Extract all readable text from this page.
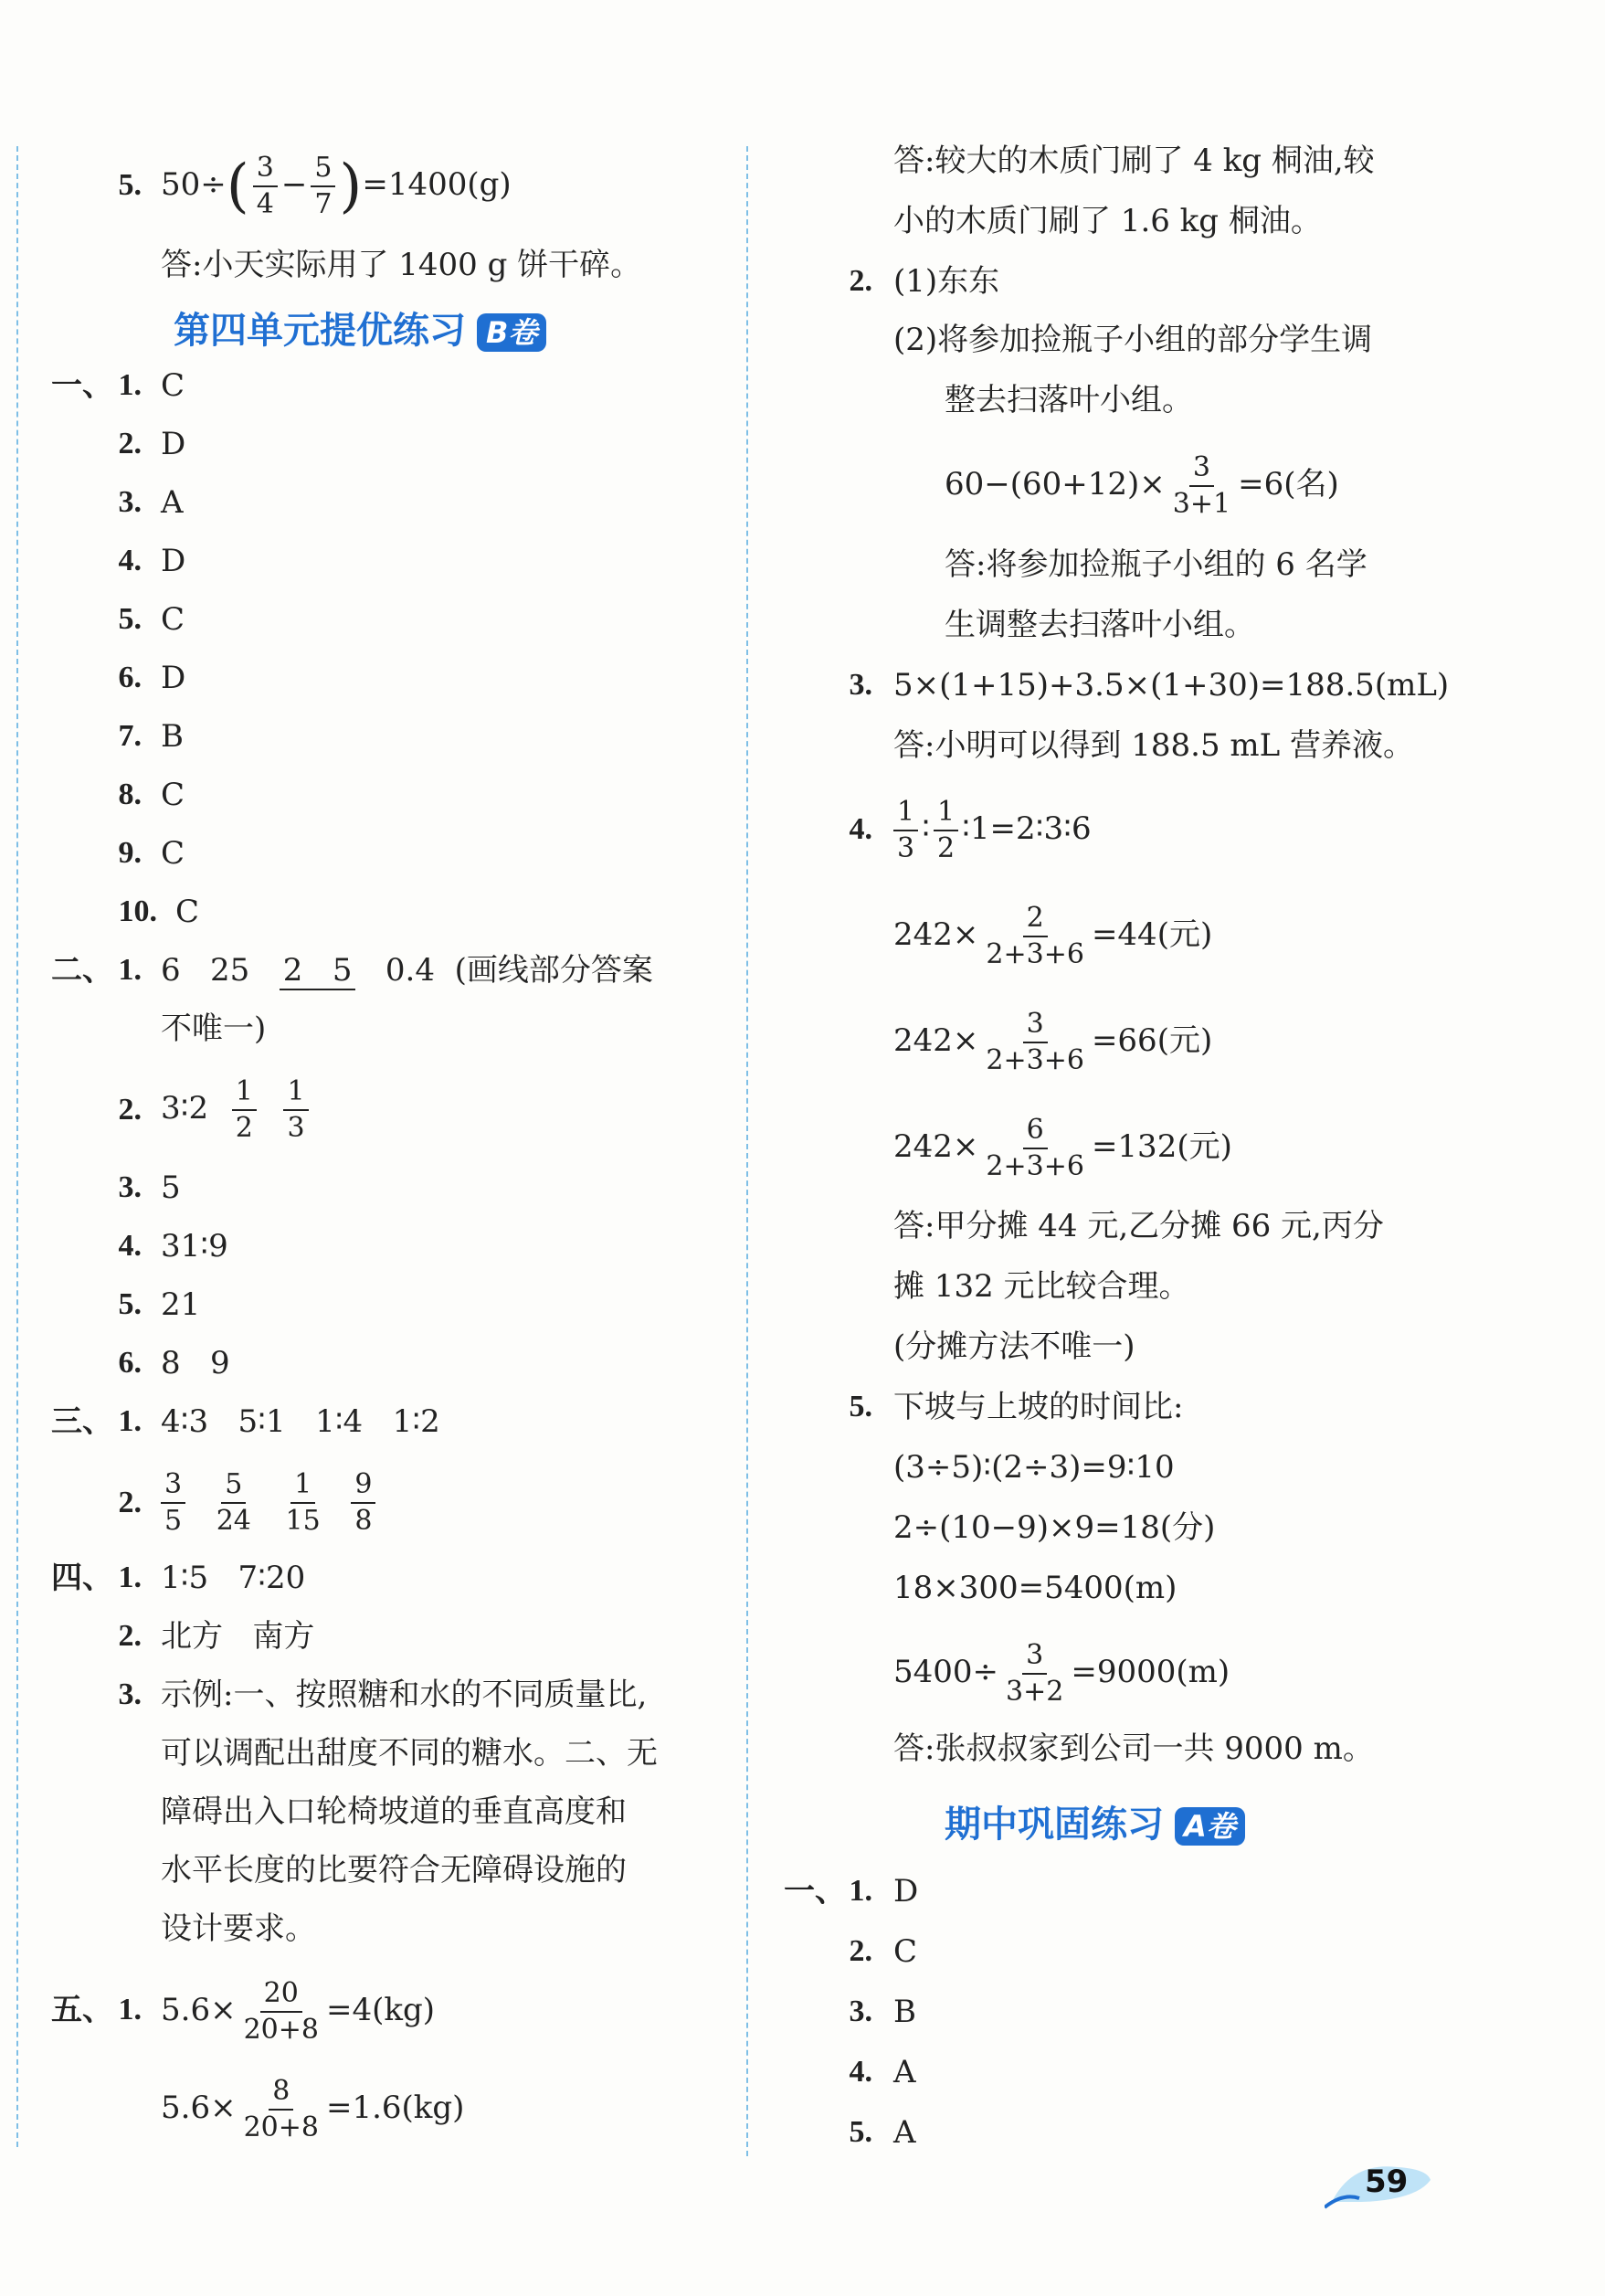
5. $50\div( \frac{3}{4} - \frac{5}{7} )=1400(g)$
答:小天实际用了 1400 g 饼干碎。
第四单元提优练习 B卷
一、 1. C
2. D
3. A
4. D
5. C
6. D
7. B
8. C
9. C
10. C
二、 1. 6   25 2   5 0.4  (画线部分答案
不唯一)
2. 3∶2 $\frac{1}{2}$
$\frac{1}{3}$
3. 5
4. 31∶9
5. 21
6. 8   9
三、 1. 4∶3   5∶1   1∶4   1∶2
2. $\frac{3}{5}$
$\frac{5}{24}$
$\frac{1}{15}$
$\frac{9}{8}$
四、 1. 1∶5   7∶20
2. 北方   南方
3. 示例:一、按照糖和水的不同质量比,
可以调配出甜度不同的糖水。二、无
障碍出入口轮椅坡道的垂直高度和
水平长度的比要符合无障碍设施的
设计要求。
五、 1. $5.6\times \frac{20}{20+8} =4(kg)$
$5.6\times \frac{8}{20+8} =1.6(kg)$
答:较大的木质门刷了 4 kg 桐油,较
小的木质门刷了 1.6 kg 桐油。
2. (1)东东
(2)将参加捡瓶子小组的部分学生调
整去扫落叶小组。
$60-(60+12)\times \frac{3}{3+1} =6$(名)
答:将参加捡瓶子小组的 6 名学
生调整去扫落叶小组。
3. 5×(1+15)+3.5×(1+30)=188.5(mL)
答:小明可以得到 188.5 mL 营养液。
4. $\frac{1}{3}$ ∶ $\frac{1}{2}$ ∶1=2∶3∶6
$242\times \frac{2}{2+3+6} =44$(元)
$242\times \frac{3}{2+3+6} =66$(元)
$242\times \frac{6}{2+3+6} =132$(元)
答:甲分摊 44 元,乙分摊 66 元,丙分
摊 132 元比较合理。
(分摊方法不唯一)
5. 下坡与上坡的时间比:
(3÷5)∶(2÷3)=9∶10
2÷(10−9)×9=18(分)
18×300=5400(m)
$5400\div \frac{3}{3+2} =9000(m)$
答:张叔叔家到公司一共 9000 m。
期中巩固练习 A卷
一、 1. D
2. C
3. B
4. A
5. A
59
